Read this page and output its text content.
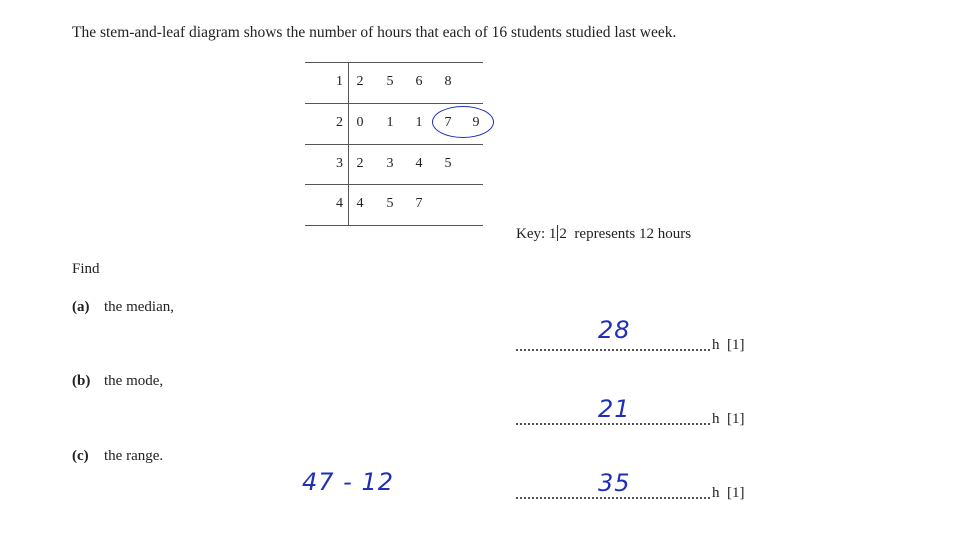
The stem-and-leaf diagram shows the number of hours that each of 16 students studied last week.
1 2 5 6 8
2 0 1 1 7 9
3 2 3 4 5
4 4 5 7
Key: 1 2 represents 12 hours
Find
(a) the median,
28
h [1]
(b) the mode,
21	h [1]
(c) the range.
47 - 12	35	h [1]
